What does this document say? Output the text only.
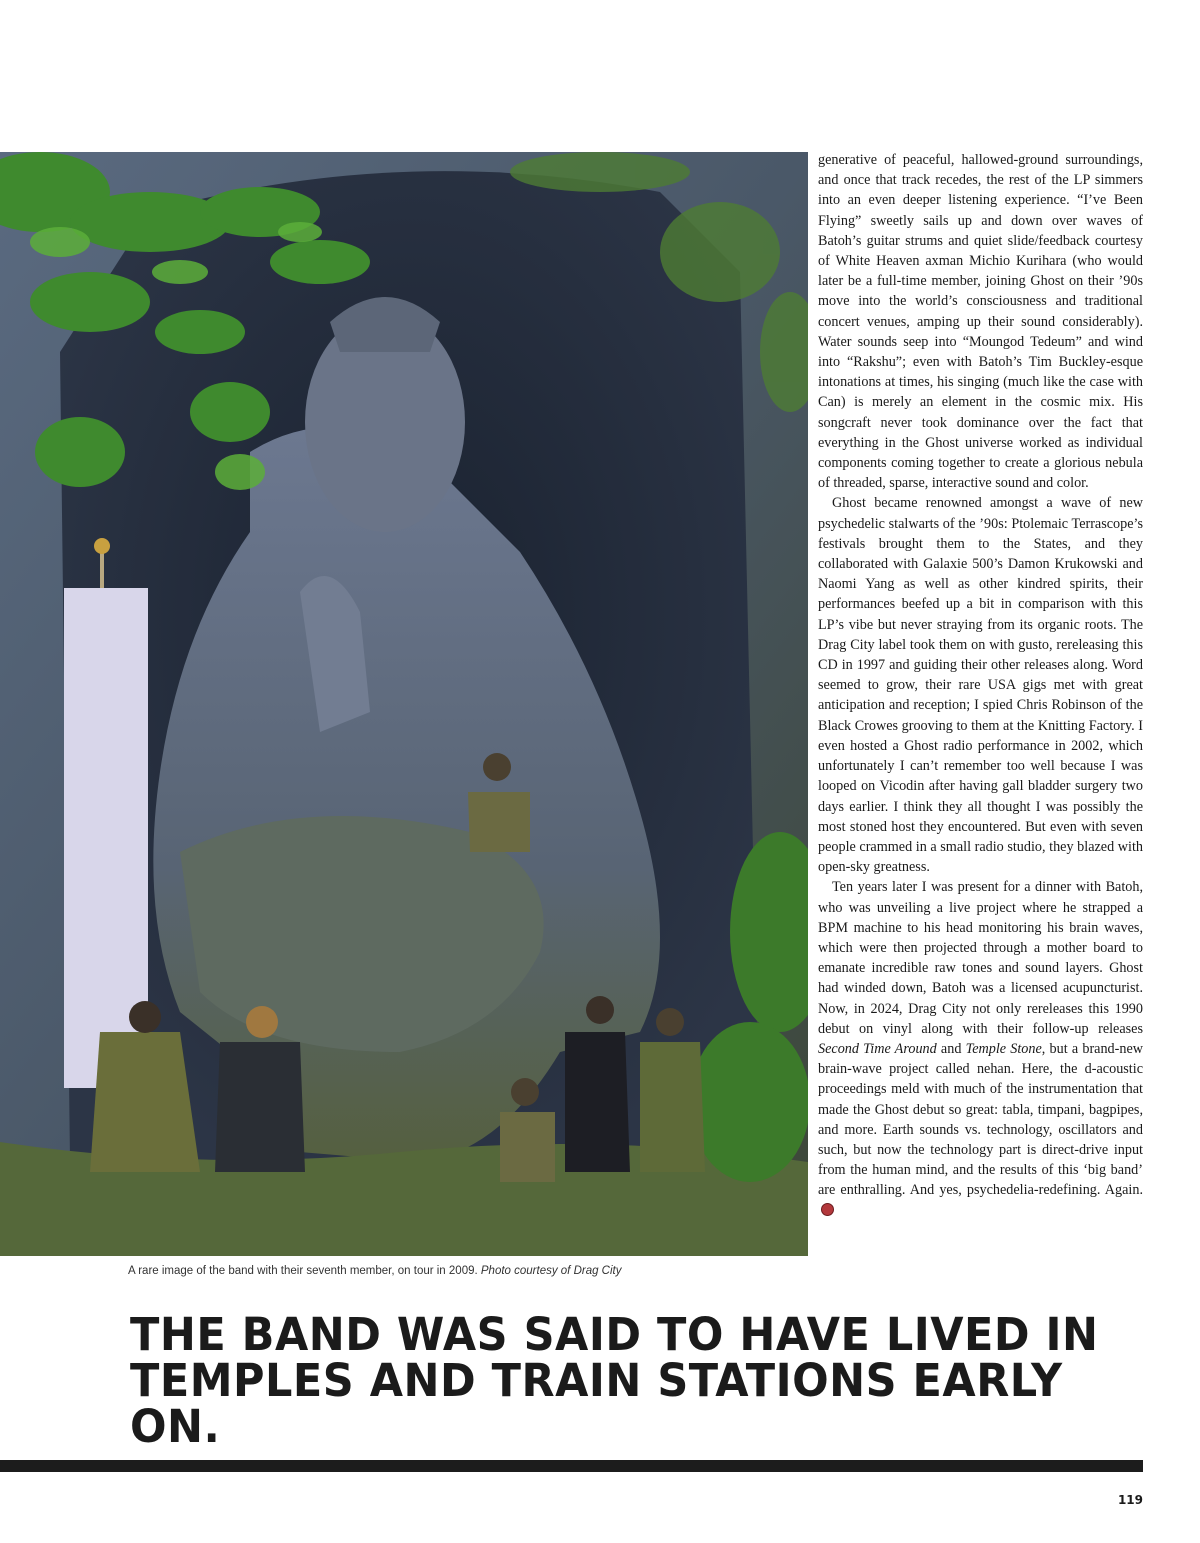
A rare image of the band with their seventh member, on tour in 2009. Photo courtesy of Drag City

generative of peaceful, hallowed-ground surroundings, and once that track recedes, the rest of the LP simmers into an even deeper listening experience. “I’ve Been Flying” sweetly sails up and down over waves of Batoh’s guitar strums and quiet slide/feedback courtesy of White Heaven axman Michio Kurihara (who would later be a full-time member, joining Ghost on their ’90s move into the world’s consciousness and traditional concert venues, amping up their sound considerably). Water sounds seep into “Moungod Tedeum” and wind into “Rakshu”; even with Batoh’s Tim Buckley-esque intonations at times, his singing (much like the case with Can) is merely an element in the cosmic mix. His songcraft never took dominance over the fact that everything in the Ghost universe worked as individual components coming together to create a glorious nebula of threaded, sparse, interactive sound and color.

Ghost became renowned amongst a wave of new psychedelic stalwarts of the ’90s: Ptolemaic Terrascope’s festivals brought them to the States, and they collaborated with Galaxie 500’s Damon Krukowski and Naomi Yang as well as other kindred spirits, their performances beefed up a bit in comparison with this LP’s vibe but never straying from its organic roots. The Drag City label took them on with gusto, rereleasing this CD in 1997 and guiding their other releases along. Word seemed to grow, their rare USA gigs met with great anticipation and reception; I spied Chris Robinson of the Black Crowes grooving to them at the Knitting Factory. I even hosted a Ghost radio performance in 2002, which unfortunately I can’t remember too well because I was looped on Vicodin after having gall bladder surgery two days earlier. I think they all thought I was possibly the most stoned host they encountered. But even with seven people crammed in a small radio studio, they blazed with open-sky greatness.

Ten years later I was present for a dinner with Batoh, who was unveiling a live project where he strapped a BPM machine to his head monitoring his brain waves, which were then projected through a mother board to emanate incredible raw tones and sound layers. Ghost had winded down, Batoh was a licensed acupuncturist. Now, in 2024, Drag City not only rereleases this 1990 debut on vinyl along with their follow-up releases Second Time Around and Temple Stone, but a brand-new brain-wave project called nehan. Here, the d-acoustic proceedings meld with much of the instrumentation that made the Ghost debut so great: tabla, timpani, bagpipes, and more. Earth sounds vs. technology, oscillators and such, but now the technology part is direct-drive input from the human mind, and the results of this ‘big band’ are enthralling. And yes, psychedelia-redefining. Again.

THE BAND WAS SAID TO HAVE LIVED IN
TEMPLES AND TRAIN STATIONS EARLY ON.
119
